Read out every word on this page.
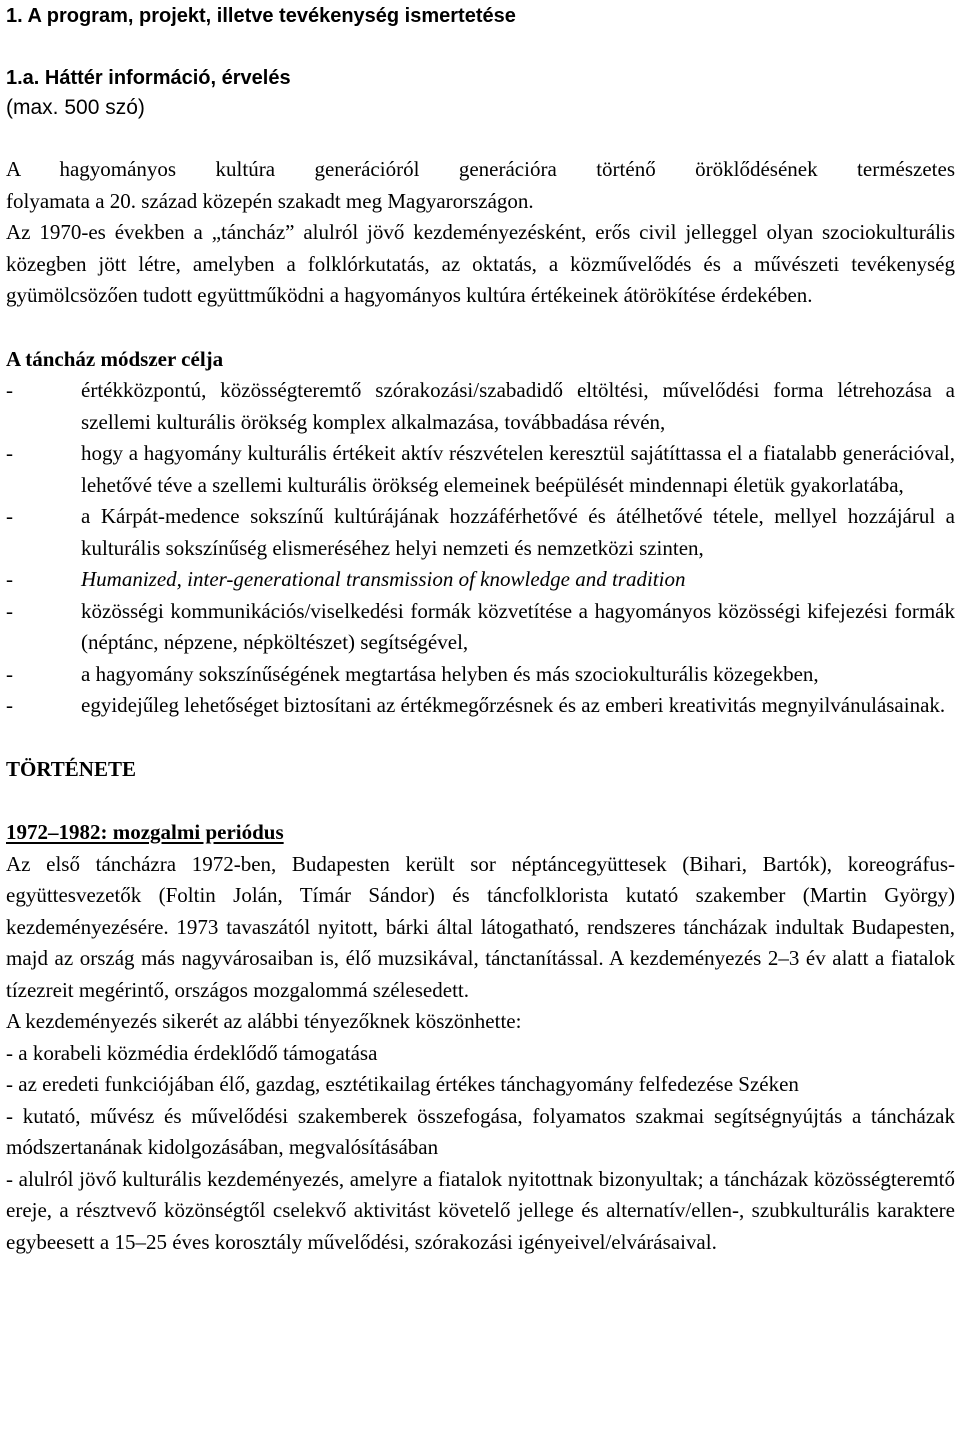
1. A program, projekt, illetve tevékenység ismertetése

1.a. Háttér információ, érvelés

(max. 500 szó)

A hagyományos kultúra generációról generációra történő öröklődésének természetes

folyamata a 20. század közepén szakadt meg Magyarországon.

Az 1970-es években a „táncház” alulról jövő kezdeményezésként, erős civil jelleggel olyan szociokulturális közegben jött létre, amelyben a folklórkutatás, az oktatás, a közművelődés és a művészeti tevékenység gyümölcsözően tudott együttműködni a hagyományos kultúra értékeinek átörökítése érdekében.

A táncház módszer célja

-	értékközpontú, közösségteremtő szórakozási/szabadidő eltöltési, művelődési forma létrehozása a szellemi kulturális örökség komplex alkalmazása, továbbadása révén,
-	hogy a hagyomány kulturális értékeit aktív részvételen keresztül sajátíttassa el a fiatalabb generációval, lehetővé téve a szellemi kulturális örökség elemeinek beépülését mindennapi életük gyakorlatába,
-	a Kárpát-medence sokszínű kultúrájának hozzáférhetővé és átélhetővé tétele, mellyel hozzájárul a kulturális sokszínűség elismeréséhez helyi nemzeti és nemzetközi szinten,
-	Humanized, inter-generational transmission of knowledge and tradition
-	közösségi kommunikációs/viselkedési formák közvetítése a hagyományos közösségi kifejezési formák (néptánc, népzene, népköltészet) segítségével,
-	a hagyomány sokszínűségének megtartása helyben és más szociokulturális közegekben,
-	egyidejűleg lehetőséget biztosítani az értékmegőrzésnek és az emberi kreativitás megnyilvánulásainak.

TÖRTÉNETE

1972–1982: mozgalmi periódus

Az első táncházra 1972-ben, Budapesten került sor néptáncegyüttesek (Bihari, Bartók), koreográfus-együttesvezetők (Foltin Jolán, Tímár Sándor) és táncfolklorista kutató szakember (Martin György) kezdeményezésére. 1973 tavaszától nyitott, bárki által látogatható, rendszeres táncházak indultak Budapesten, majd az ország más nagyvárosaiban is, élő muzsikával, tánctanítással. A kezdeményezés 2–3 év alatt a fiatalok tízezreit megérintő, országos mozgalommá szélesedett.

A kezdeményezés sikerét az alábbi tényezőknek köszönhette:

- a korabeli közmédia érdeklődő támogatása

- az eredeti funkciójában élő, gazdag, esztétikailag értékes tánchagyomány felfedezése Széken

- kutató, művész és művelődési szakemberek összefogása, folyamatos szakmai segítségnyújtás a táncházak módszertanának kidolgozásában, megvalósításában

- alulról jövő kulturális kezdeményezés, amelyre a fiatalok nyitottnak bizonyultak; a táncházak közösségteremtő ereje, a résztvevő közönségtől cselekvő aktivitást követelő jellege és alternatív/ellen-, szubkulturális karaktere egybeesett a 15–25 éves korosztály művelődési, szórakozási igényeivel/elvárásaival.
